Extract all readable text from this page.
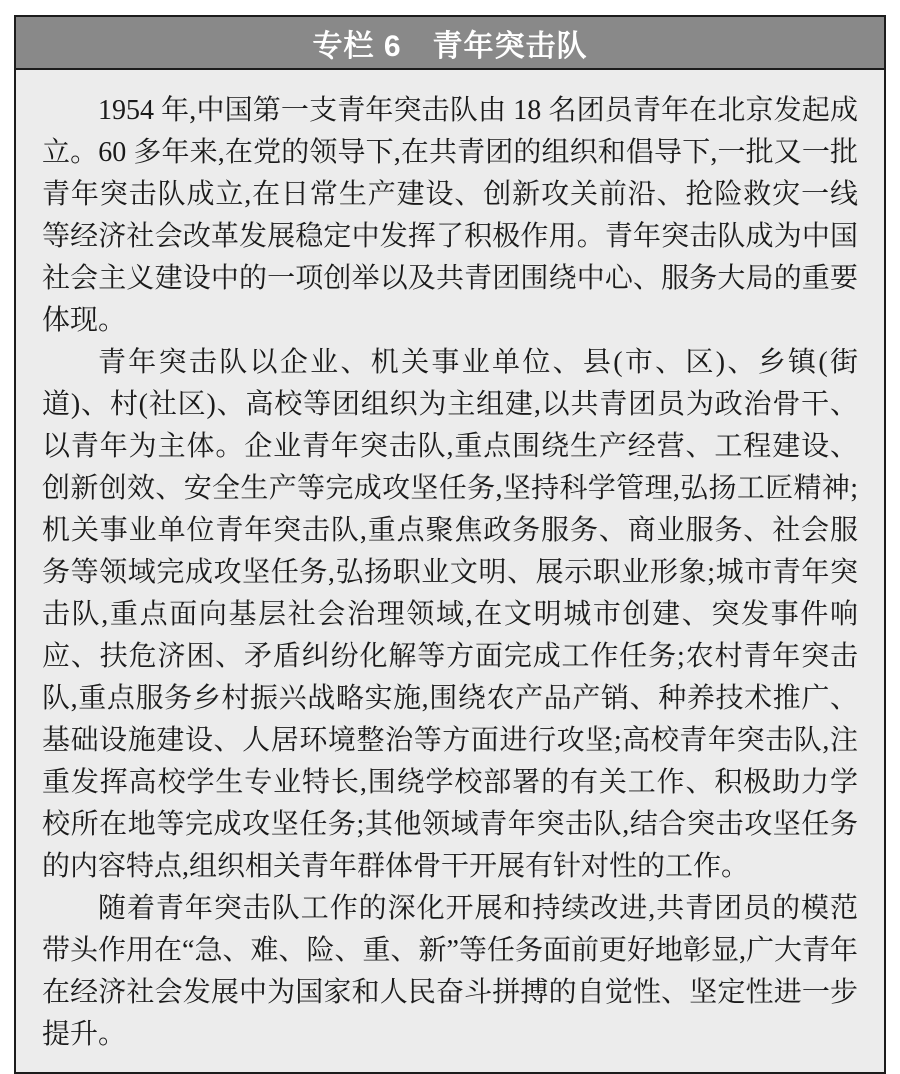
专栏 6　青年突击队

1954 年,中国第一支青年突击队由 18 名团员青年在北京发起成立。60 多年来,在党的领导下,在共青团的组织和倡导下,一批又一批青年突击队成立,在日常生产建设、创新攻关前沿、抢险救灾一线等经济社会改革发展稳定中发挥了积极作用。青年突击队成为中国社会主义建设中的一项创举以及共青团围绕中心、服务大局的重要体现。

青年突击队以企业、机关事业单位、县(市、区)、乡镇(街道)、村(社区)、高校等团组织为主组建,以共青团员为政治骨干、以青年为主体。企业青年突击队,重点围绕生产经营、工程建设、创新创效、安全生产等完成攻坚任务,坚持科学管理,弘扬工匠精神;机关事业单位青年突击队,重点聚焦政务服务、商业服务、社会服务等领域完成攻坚任务,弘扬职业文明、展示职业形象;城市青年突击队,重点面向基层社会治理领域,在文明城市创建、突发事件响应、扶危济困、矛盾纠纷化解等方面完成工作任务;农村青年突击队,重点服务乡村振兴战略实施,围绕农产品产销、种养技术推广、基础设施建设、人居环境整治等方面进行攻坚;高校青年突击队,注重发挥高校学生专业特长,围绕学校部署的有关工作、积极助力学校所在地等完成攻坚任务;其他领域青年突击队,结合突击攻坚任务的内容特点,组织相关青年群体骨干开展有针对性的工作。

随着青年突击队工作的深化开展和持续改进,共青团员的模范带头作用在“急、难、险、重、新”等任务面前更好地彰显,广大青年在经济社会发展中为国家和人民奋斗拼搏的自觉性、坚定性进一步提升。
